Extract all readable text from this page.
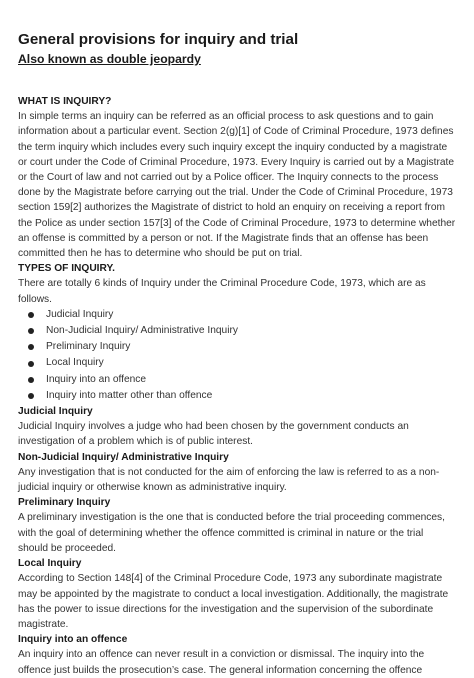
General provisions for inquiry and trial
Also known as double jeopardy
WHAT IS INQUIRY?

In simple terms an inquiry can be referred as an official process to ask questions and to gain
information about a particular event. Section 2(g)[1] of Code of Criminal Procedure, 1973 defines
the term inquiry which includes every such inquiry except the inquiry conducted by a magistrate
or court under the Code of Criminal Procedure, 1973. Every Inquiry is carried out by a Magistrate
or the Court of law and not carried out by a Police officer. The Inquiry connects to the process
done by the Magistrate before carrying out the trial. Under the Code of Criminal Procedure, 1973
section 159[2] authorizes the Magistrate of district to hold an enquiry on receiving a report from
the Police as under section 157[3] of the Code of Criminal Procedure, 1973 to determine whether
an offense is committed by a person or not. If the Magistrate finds that an offense has been
committed then he has to determine who should be put on trial.

TYPES OF INQUIRY.

There are totally 6 kinds of Inquiry under the Criminal Procedure Code, 1973, which are as
follows.

Judicial Inquiry
Non-Judicial Inquiry/ Administrative Inquiry
Preliminary Inquiry
Local Inquiry
Inquiry into an offence
Inquiry into matter other than offence
Judicial Inquiry

Judicial Inquiry involves a judge who had been chosen by the government conducts an
investigation of a problem which is of public interest.

Non-Judicial Inquiry/ Administrative Inquiry

Any investigation that is not conducted for the aim of enforcing the law is referred to as a non-
judicial inquiry or otherwise known as administrative inquiry.

Preliminary Inquiry

A preliminary investigation is the one that is conducted before the trial proceeding commences,
with the goal of determining whether the offence committed is criminal in nature or the trial
should be proceeded.

Local Inquiry

According to Section 148[4] of the Criminal Procedure Code, 1973 any subordinate magistrate
may be appointed by the magistrate to conduct a local investigation. Additionally, the magistrate
has the power to issue directions for the investigation and the supervision of the subordinate
magistrate.

Inquiry into an offence

An inquiry into an offence can never result in a conviction or dismissal. The inquiry into the
offence just builds the prosecution’s case. The general information concerning the offence
